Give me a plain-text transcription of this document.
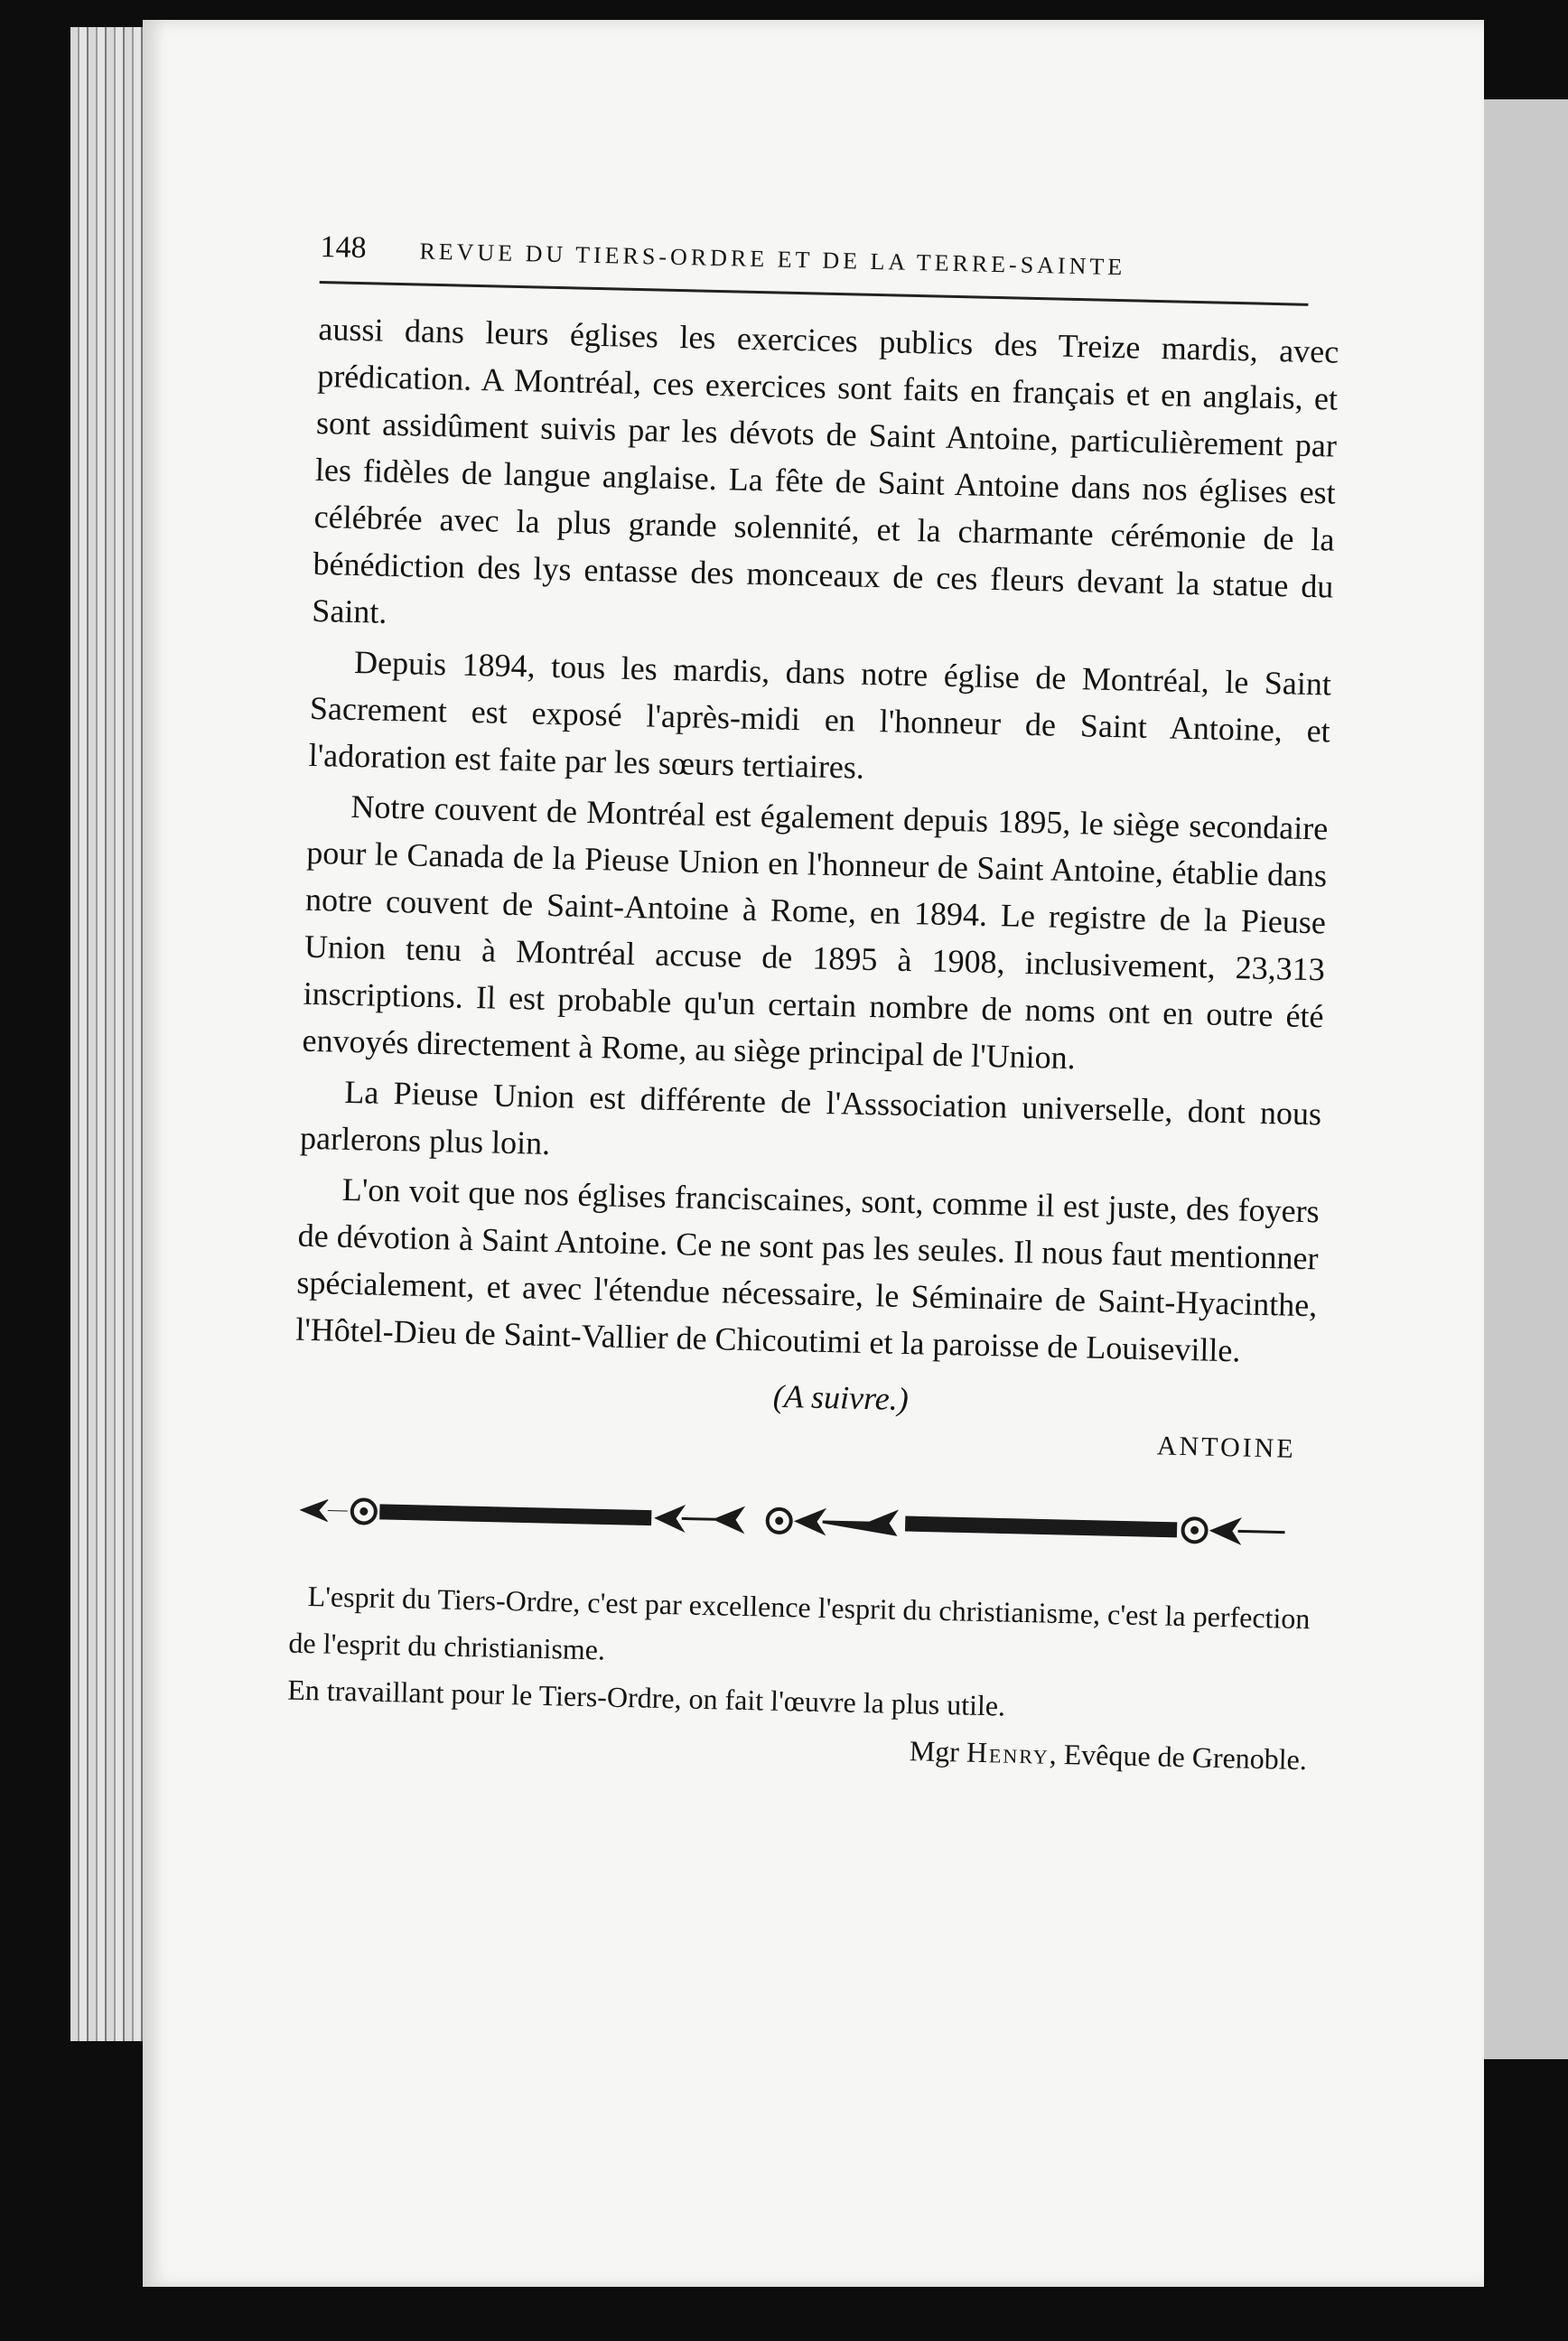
148	REVUE DU TIERS-ORDRE ET DE LA TERRE-SAINTE

aussi dans leurs églises les exercices publics des Treize mardis, avec prédication. A Montréal, ces exercices sont faits en français et en anglais, et sont assidûment suivis par les dévots de Saint Antoine, particulièrement par les fidèles de langue anglaise. La fête de Saint Antoine dans nos églises est célébrée avec la plus grande solennité, et la charmante cérémonie de la bénédiction des lys entasse des monceaux de ces fleurs devant la statue du Saint.

Depuis 1894, tous les mardis, dans notre église de Montréal, le Saint Sacrement est exposé l'après-midi en l'honneur de Saint Antoine, et l'adoration est faite par les sœurs tertiaires.

Notre couvent de Montréal est également depuis 1895, le siège secondaire pour le Canada de la Pieuse Union en l'honneur de Saint Antoine, établie dans notre couvent de Saint-Antoine à Rome, en 1894. Le registre de la Pieuse Union tenu à Montréal accuse de 1895 à 1908, inclusivement, 23,313 inscriptions. Il est probable qu'un certain nombre de noms ont en outre été envoyés directement à Rome, au siège principal de l'Union.

La Pieuse Union est différente de l'Asssociation universelle, dont nous parlerons plus loin.

L'on voit que nos églises franciscaines, sont, comme il est juste, des foyers de dévotion à Saint Antoine. Ce ne sont pas les seules. Il nous faut mentionner spécialement, et avec l'étendue nécessaire, le Séminaire de Saint-Hyacinthe, l'Hôtel-Dieu de Saint-Vallier de Chicoutimi et la paroisse de Louiseville.

(A suivre.)
ANTOINE

L'esprit du Tiers-Ordre, c'est par excellence l'esprit du christianisme, c'est la perfection de l'esprit du christianisme.

En travaillant pour le Tiers-Ordre, on fait l'œuvre la plus utile.

Mgr Henry, Evêque de Grenoble.
